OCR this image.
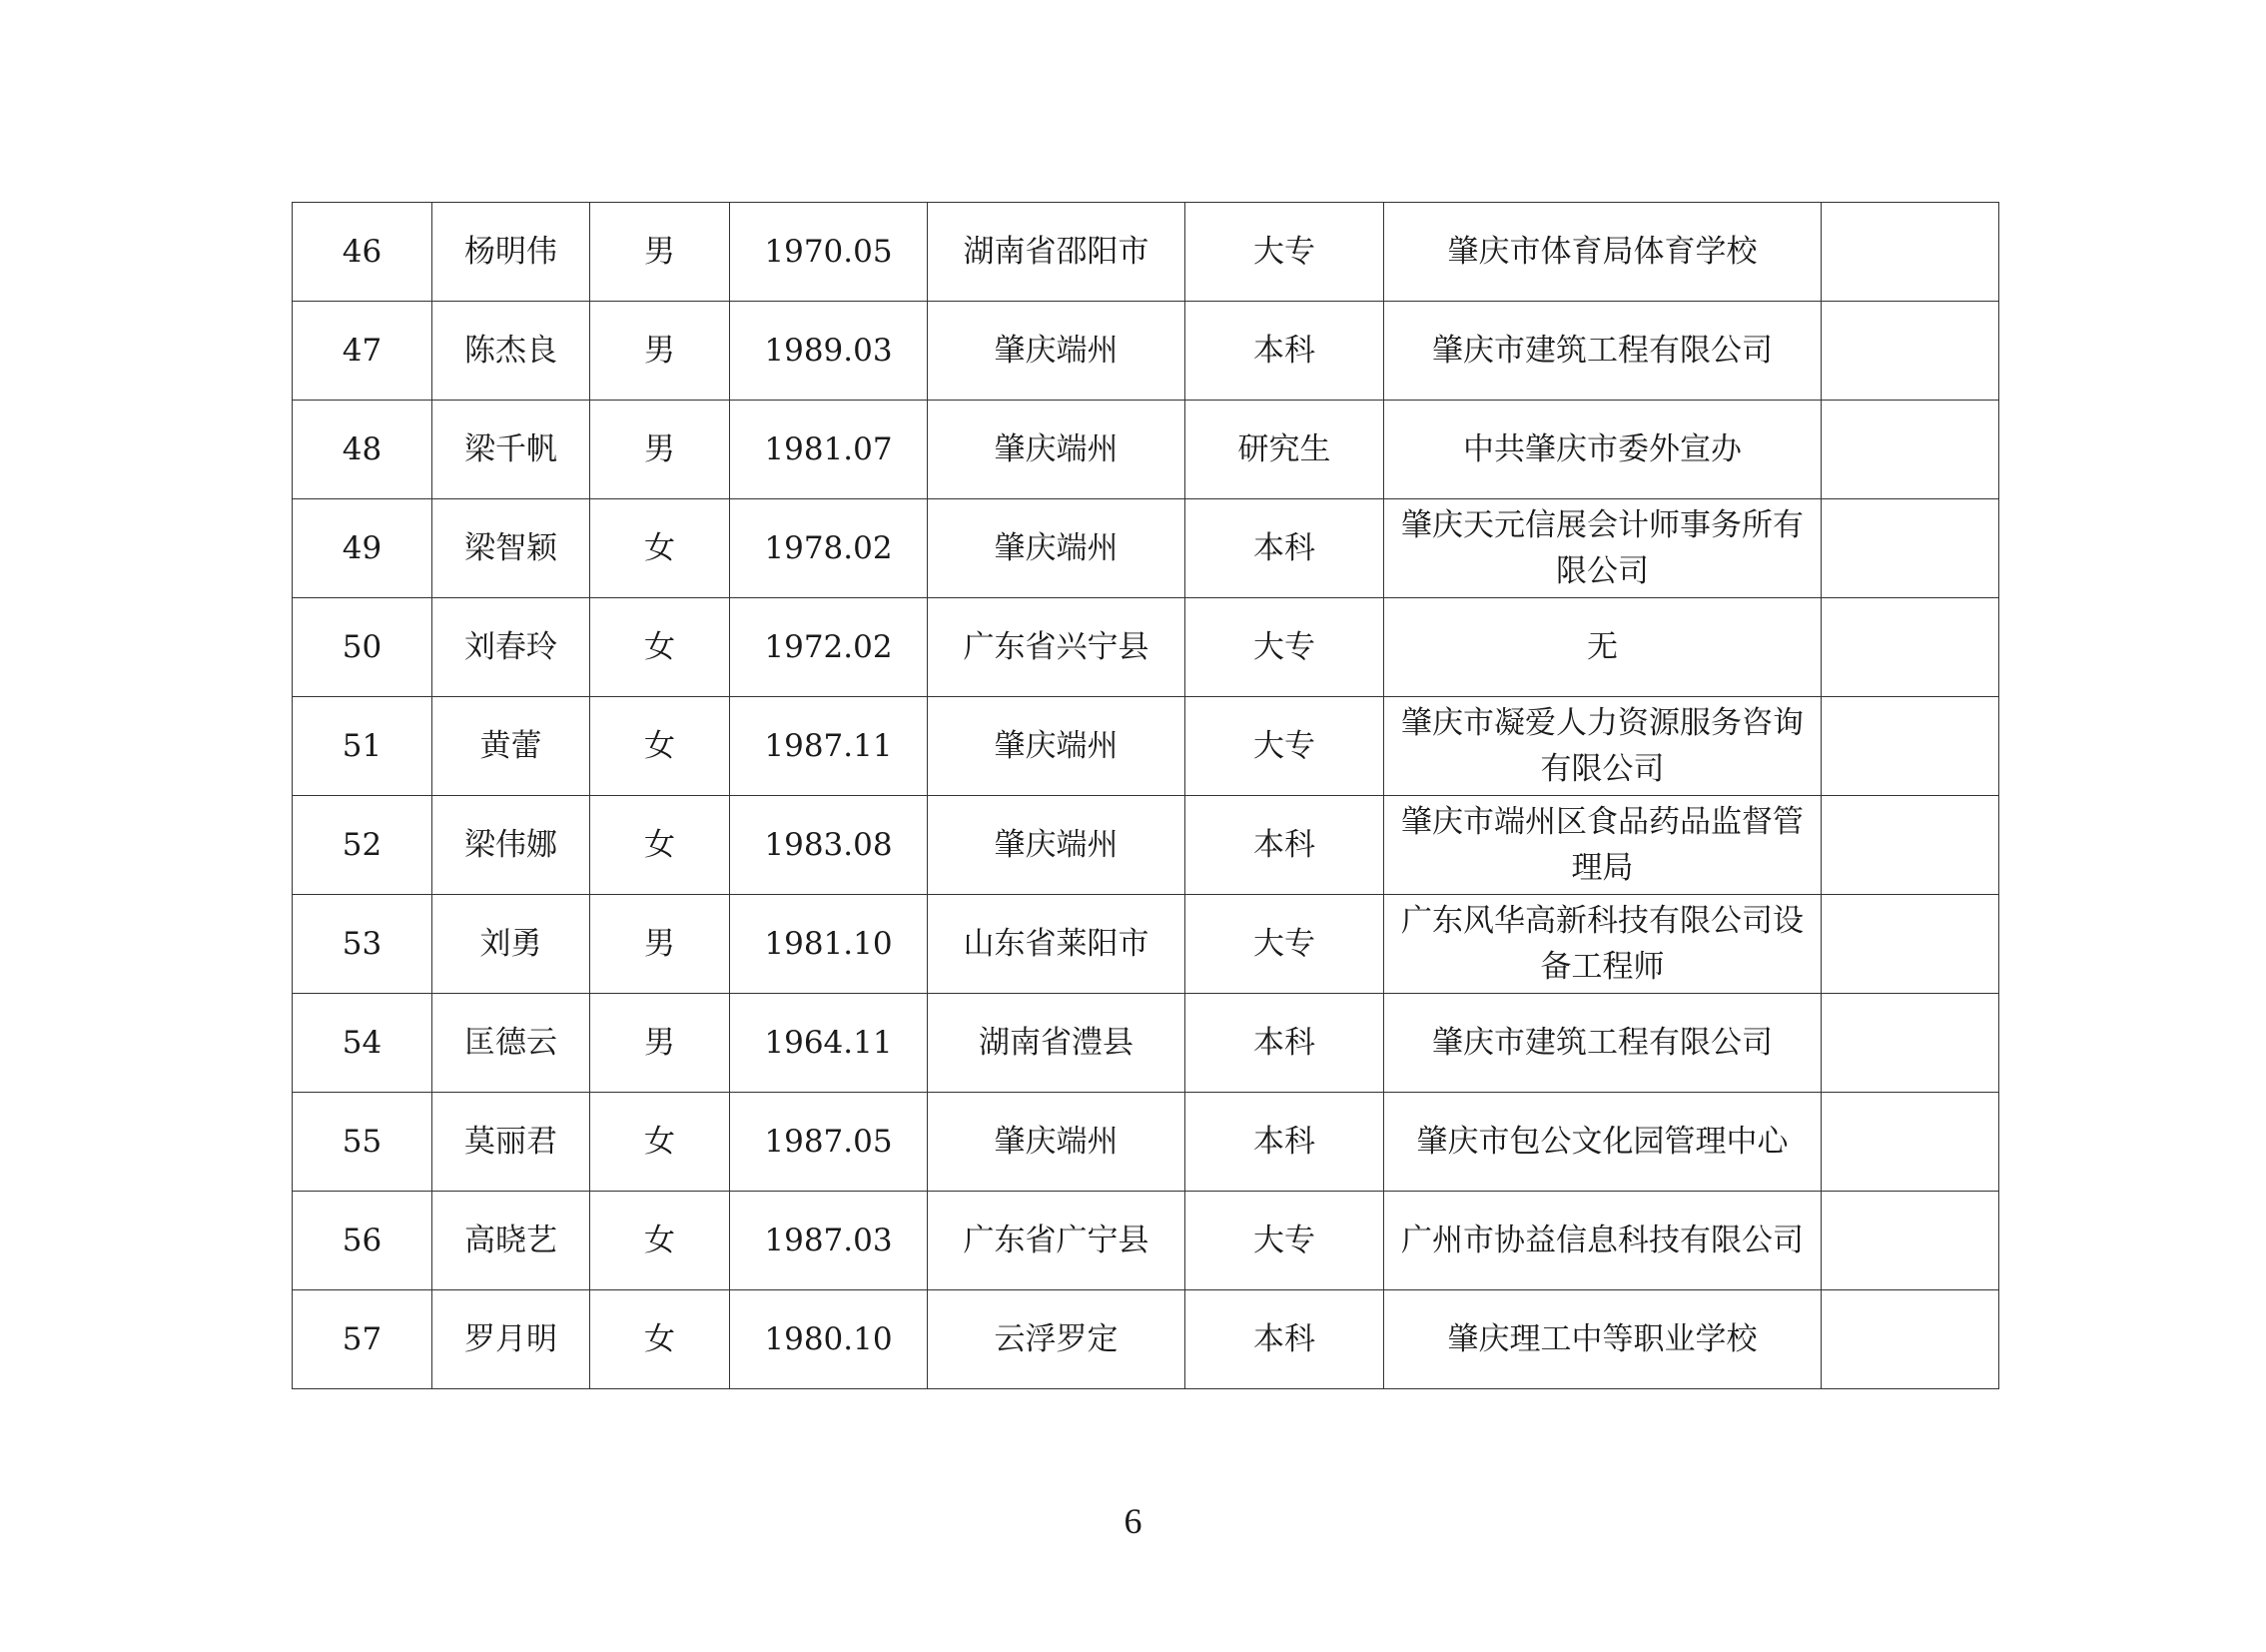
46	杨明伟	男	1970.05	湖南省邵阳市	大专	肇庆市体育局体育学校	
47	陈杰良	男	1989.03	肇庆端州	本科	肇庆市建筑工程有限公司	
48	梁千帆	男	1981.07	肇庆端州	研究生	中共肇庆市委外宣办	
49	梁智颖	女	1978.02	肇庆端州	本科	肇庆天元信展会计师事务所有限公司	
50	刘春玲	女	1972.02	广东省兴宁县	大专	无	
51	黄蕾	女	1987.11	肇庆端州	大专	肇庆市凝爱人力资源服务咨询有限公司	
52	梁伟娜	女	1983.08	肇庆端州	本科	肇庆市端州区食品药品监督管理局	
53	刘勇	男	1981.10	山东省莱阳市	大专	广东风华高新科技有限公司设备工程师	
54	匡德云	男	1964.11	湖南省澧县	本科	肇庆市建筑工程有限公司	
55	莫丽君	女	1987.05	肇庆端州	本科	肇庆市包公文化园管理中心	
56	高晓艺	女	1987.03	广东省广宁县	大专	广州市协益信息科技有限公司	
57	罗月明	女	1980.10	云浮罗定	本科	肇庆理工中等职业学校	
6
